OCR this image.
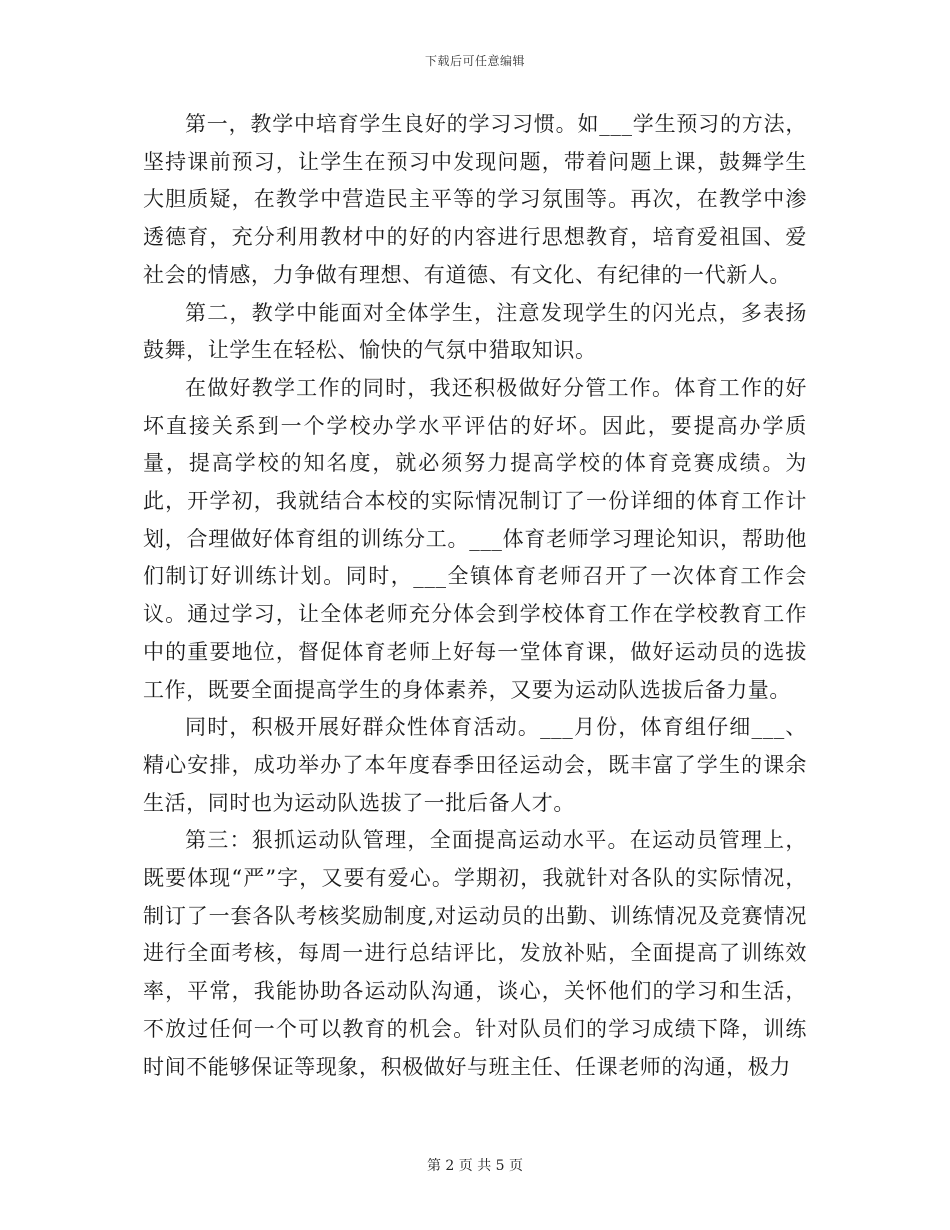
下载后可任意编辑

第一，教学中培育学生良好的学习习惯。如___学生预习的方法，坚持课前预习，让学生在预习中发现问题，带着问题上课，鼓舞学生大胆质疑，在教学中营造民主平等的学习氛围等。再次，在教学中渗透德育，充分利用教材中的好的内容进行思想教育，培育爱祖国、爱社会的情感，力争做有理想、有道德、有文化、有纪律的一代新人。

第二，教学中能面对全体学生，注意发现学生的闪光点，多表扬鼓舞，让学生在轻松、愉快的气氛中猎取知识。

在做好教学工作的同时，我还积极做好分管工作。体育工作的好坏直接关系到一个学校办学水平评估的好坏。因此，要提高办学质量，提高学校的知名度，就必须努力提高学校的体育竞赛成绩。为此，开学初，我就结合本校的实际情况制订了一份详细的体育工作计划，合理做好体育组的训练分工。___体育老师学习理论知识，帮助他们制订好训练计划。同时，___全镇体育老师召开了一次体育工作会议。通过学习，让全体老师充分体会到学校体育工作在学校教育工作中的重要地位，督促体育老师上好每一堂体育课，做好运动员的选拔工作，既要全面提高学生的身体素养，又要为运动队选拔后备力量。

同时，积极开展好群众性体育活动。___月份，体育组仔细___、精心安排，成功举办了本年度春季田径运动会，既丰富了学生的课余生活，同时也为运动队选拔了一批后备人才。

第三：狠抓运动队管理，全面提高运动水平。在运动员管理上，既要体现“严”字，又要有爱心。学期初，我就针对各队的实际情况，制订了一套各队考核奖励制度,对运动员的出勤、训练情况及竞赛情况进行全面考核，每周一进行总结评比，发放补贴，全面提高了训练效率，平常，我能协助各运动队沟通，谈心，关怀他们的学习和生活，不放过任何一个可以教育的机会。针对队员们的学习成绩下降，训练时间不能够保证等现象，积极做好与班主任、任课老师的沟通，极力

第 2 页 共 5 页
